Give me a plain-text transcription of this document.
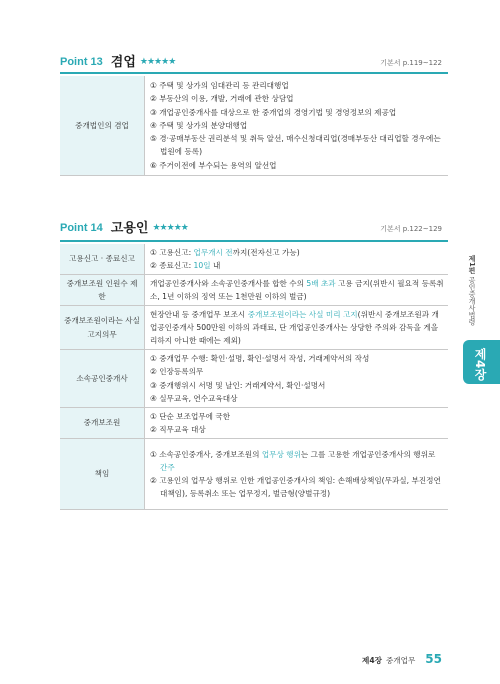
Point 13 겸업 ★★★★★	기본서 p.119~122
중개법인의 겸업	
① 주택 및 상가의 임대관리 등 관리대행업
② 부동산의 이용, 개발, 거래에 관한 상담업
③ 개업공인중개사를 대상으로 한 중개업의 경영기법 및 경영정보의 제공업
④ 주택 및 상가의 분양대행업
⑤ 경·공매부동산 권리분석 및 취득 알선, 매수신청대리업(경매부동산 대리업할 경우에는 법원에 등록)
⑥ 주거이전에 부수되는 용역의 알선업
Point 14 고용인 ★★★★★	기본서 p.122~129
고용신고 · 종료신고	① 고용신고: 업무개시 전까지(전자신고 가능)
② 종료신고: 10일 내

중개보조원 인원수 제한	개업공인중개사와 소속공인중개사를 합한 수의 5배 초과 고용 금지(위반시 필요적 등록취소, 1년 이하의 징역 또는 1천만원 이하의 벌금)

중개보조원이라는 사실 고지의무	현장안내 등 중개업무 보조시 중개보조원이라는 사실 미리 고지(위반시 중개보조원과 개업공인중개사 500만원 이하의 과태료, 단 개업공인중개사는 상당한 주의와 감독을 게을리하지 아니한 때에는 제외)

소속공인중개사	① 중개업무 수행: 확인·설명, 확인·설명서 작성, 거래계약서의 작성
② 인장등록의무
③ 중개행위시 서명 및 날인: 거래계약서, 확인·설명서
④ 실무교육, 연수교육대상

중개보조원	① 단순 보조업무에 국한
② 직무교육 대상

책임	① 소속공인중개사, 중개보조원의 업무상 행위는 그를 고용한 개업공인중개사의 행위로 간주
② 고용인의 업무상 행위로 인한 개업공인중개사의 책임: 손해배상책임(무과실, 부진정연대책임), 등록취소 또는 업무정지, 벌금형(양벌규정)
제1편 공인중개사법령
제4장
제4장 중개업무 55
